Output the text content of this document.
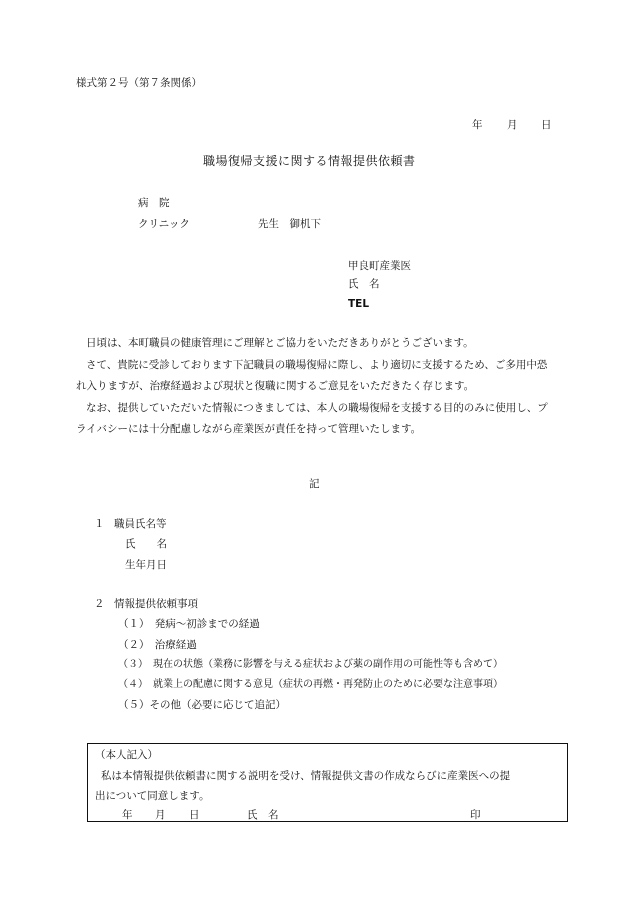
様式第２号（第７条関係）
年 月 日
職場復帰支援に関する情報提供依頼書
病　院
クリニック	先生　御机下
甲良町産業医
氏　名
TEL

日頃は、本町職員の健康管理にご理解とご協力をいただきありがとうございます。

さて、貴院に受診しております下記職員の職場復帰に際し、より適切に支援するため、ご多用中恐れ入りますが、治療経過および現状と復職に関するご意見をいただきたく存じます。

なお、提供していただいた情報につきましては、本人の職場復帰を支援する目的のみに使用し、プライバシーには十分配慮しながら産業医が責任を持って管理いたします。

記
１ 職員氏名等
氏　　名
生年月日
２ 情報提供依頼事項
（１）　発病～初診までの経過
（２）　治療経過
（３）　現在の状態（業務に影響を与える症状および薬の副作用の可能性等も含めて）
（４）　就業上の配慮に関する意見（症状の再燃・再発防止のために必要な注意事項）
（５）その他（必要に応じて追記）
（本人記入）
私は本情報提供依頼書に関する説明を受け、情報提供文書の作成ならびに産業医への提
出について同意します。
年 月 日	氏　名	印
